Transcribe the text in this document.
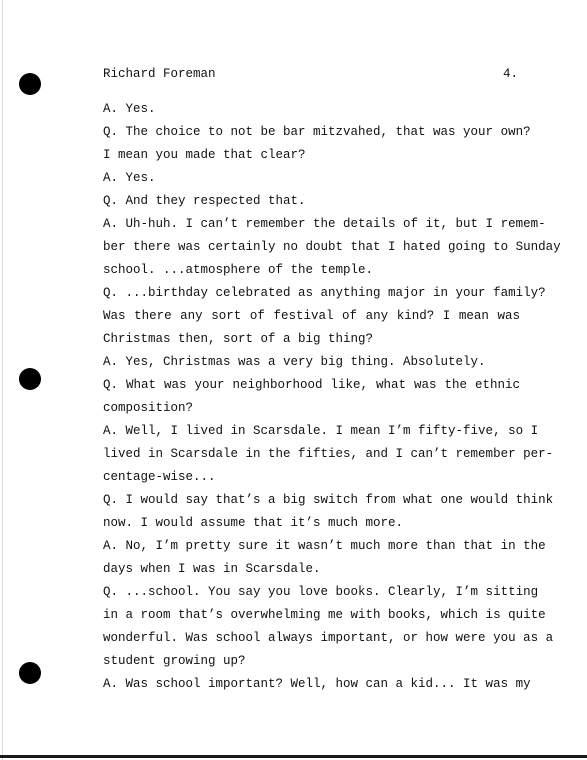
Richard Foreman	4.
A. Yes.
Q. The choice to not be bar mitzvahed, that was your own?
I mean you made that clear?
A. Yes.
Q. And they respected that.
A. Uh-huh. I can’t remember the details of it, but I remem-
ber there was certainly no doubt that I hated going to Sunday
school. ...atmosphere of the temple.
Q. ...birthday celebrated as anything major in your family?
Was there any sort of festival of any kind? I mean was
Christmas then, sort of a big thing?
A. Yes, Christmas was a very big thing. Absolutely.
Q. What was your neighborhood like, what was the ethnic
composition?
A. Well, I lived in Scarsdale. I mean I’m fifty-five, so I
lived in Scarsdale in the fifties, and I can’t remember per-
centage-wise...
Q. I would say that’s a big switch from what one would think
now. I would assume that it’s much more.
A. No, I’m pretty sure it wasn’t much more than that in the
days when I was in Scarsdale.
Q. ...school. You say you love books. Clearly, I’m sitting
in a room that’s overwhelming me with books, which is quite
wonderful. Was school always important, or how were you as a
student growing up?
A. Was school important? Well, how can a kid... It was my
